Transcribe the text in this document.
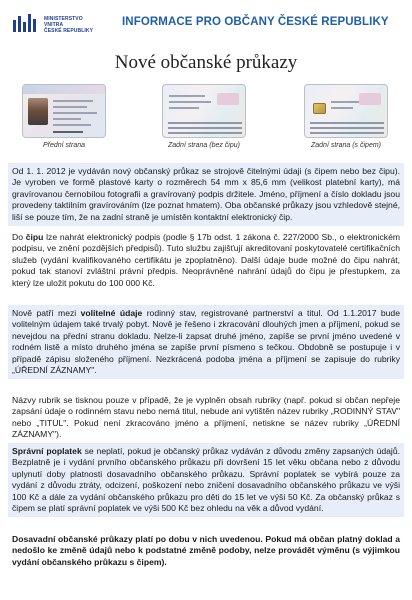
MINISTERSTVO VNITRA
ČESKÉ REPUBLIKY
INFORMACE PRO OBČANY ČESKÉ REPUBLIKY
Nové občanské průkazy
Přední strana	Zadní strana (bez čipu)	Zadní strana (s čipem)
Od 1. 1. 2012 je vydáván nový občanský průkaz se strojově čitelnými údaji (s čipem nebo bez čipu). Je vyroben ve formě plastové karty o rozměrech 54 mm x 85,6 mm (velikost platební karty), má gravírovanou černobílou fotografii a gravírovaný podpis držitele. Jméno, příjmení a číslo dokladu jsou provedeny taktilním gravírováním (lze poznat hmatem). Oba občanské průkazy jsou vzhledově stejné, liší se pouze tím, že na zadní straně je umístěn kontaktní elektronický čip.
Do čipu lze nahrát elektronický podpis (podle § 17b odst. 1 zákona č. 227/2000 Sb., o elektronickém podpisu, ve znění pozdějších předpisů). Tuto službu zajišťují akreditovaní poskytovatelé certifikačních služeb (vydání kvalifikovaného certifikátu je zpoplatněno). Další údaje bude možné do čipu nahrát, pokud tak stanoví zvláštní právní předpis. Neoprávněné nahrání údajů do čipu je přestupkem, za který lze uložit pokutu do 100 000 Kč.
Nově patří mezi volitelné údaje rodinný stav, registrované partnerství a titul. Od 1.1.2017 bude volitelným údajem také trvalý pobyt. Nově je řešeno i zkracování dlouhých jmen a příjmení, pokud se nevejdou na přední stranu dokladu. Nelze-li zapsat druhé jméno, zapíše se první jméno uvedené v rodném listě a místo druhého jména se zapíše první písmeno s tečkou. Obdobně se postupuje i v případě zápisu složeného příjmení. Nezkrácená podoba jména a příjmení se zapisuje do rubriky „ÚŘEDNÍ ZÁZNAMY".
Názvy rubrik se tisknou pouze v případě, že je vyplněn obsah rubriky (např. pokud si občan nepřeje zapsání údaje o rodinném stavu nebo nemá titul, nebude ani vytištěn název rubriky „RODINNÝ STAV" nebo „TITUL". Pokud není zkracováno jméno a příjmení, netiskne se název rubriky „ÚŘEDNÍ ZÁZNAMY").
Správní poplatek se neplatí, pokud je občanský průkaz vydáván z důvodu změny zapsaných údajů. Bezplatně je i vydání prvního občanského průkazu při dovršení 15 let věku občana nebo z důvodu uplynutí doby platnosti dosavadního občanského průkazu. Správní poplatek se vybírá pouze za vydání z důvodu ztráty, odcizení, poškození nebo zničení dosavadního občanského průkazu ve výši 100 Kč a dále za vydání občanského průkazu pro děti do 15 let ve výši 50 Kč. Za občanský průkaz s čipem se platí správní poplatek ve výši 500 Kč bez ohledu na věk a důvod vydání.
Dosavadní občanské průkazy platí po dobu v nich uvedenou. Pokud má občan platný doklad a nedošlo ke změně údajů nebo k podstatné změně podoby, nelze provádět výměnu (s výjimkou vydání občanského průkazu s čipem).
